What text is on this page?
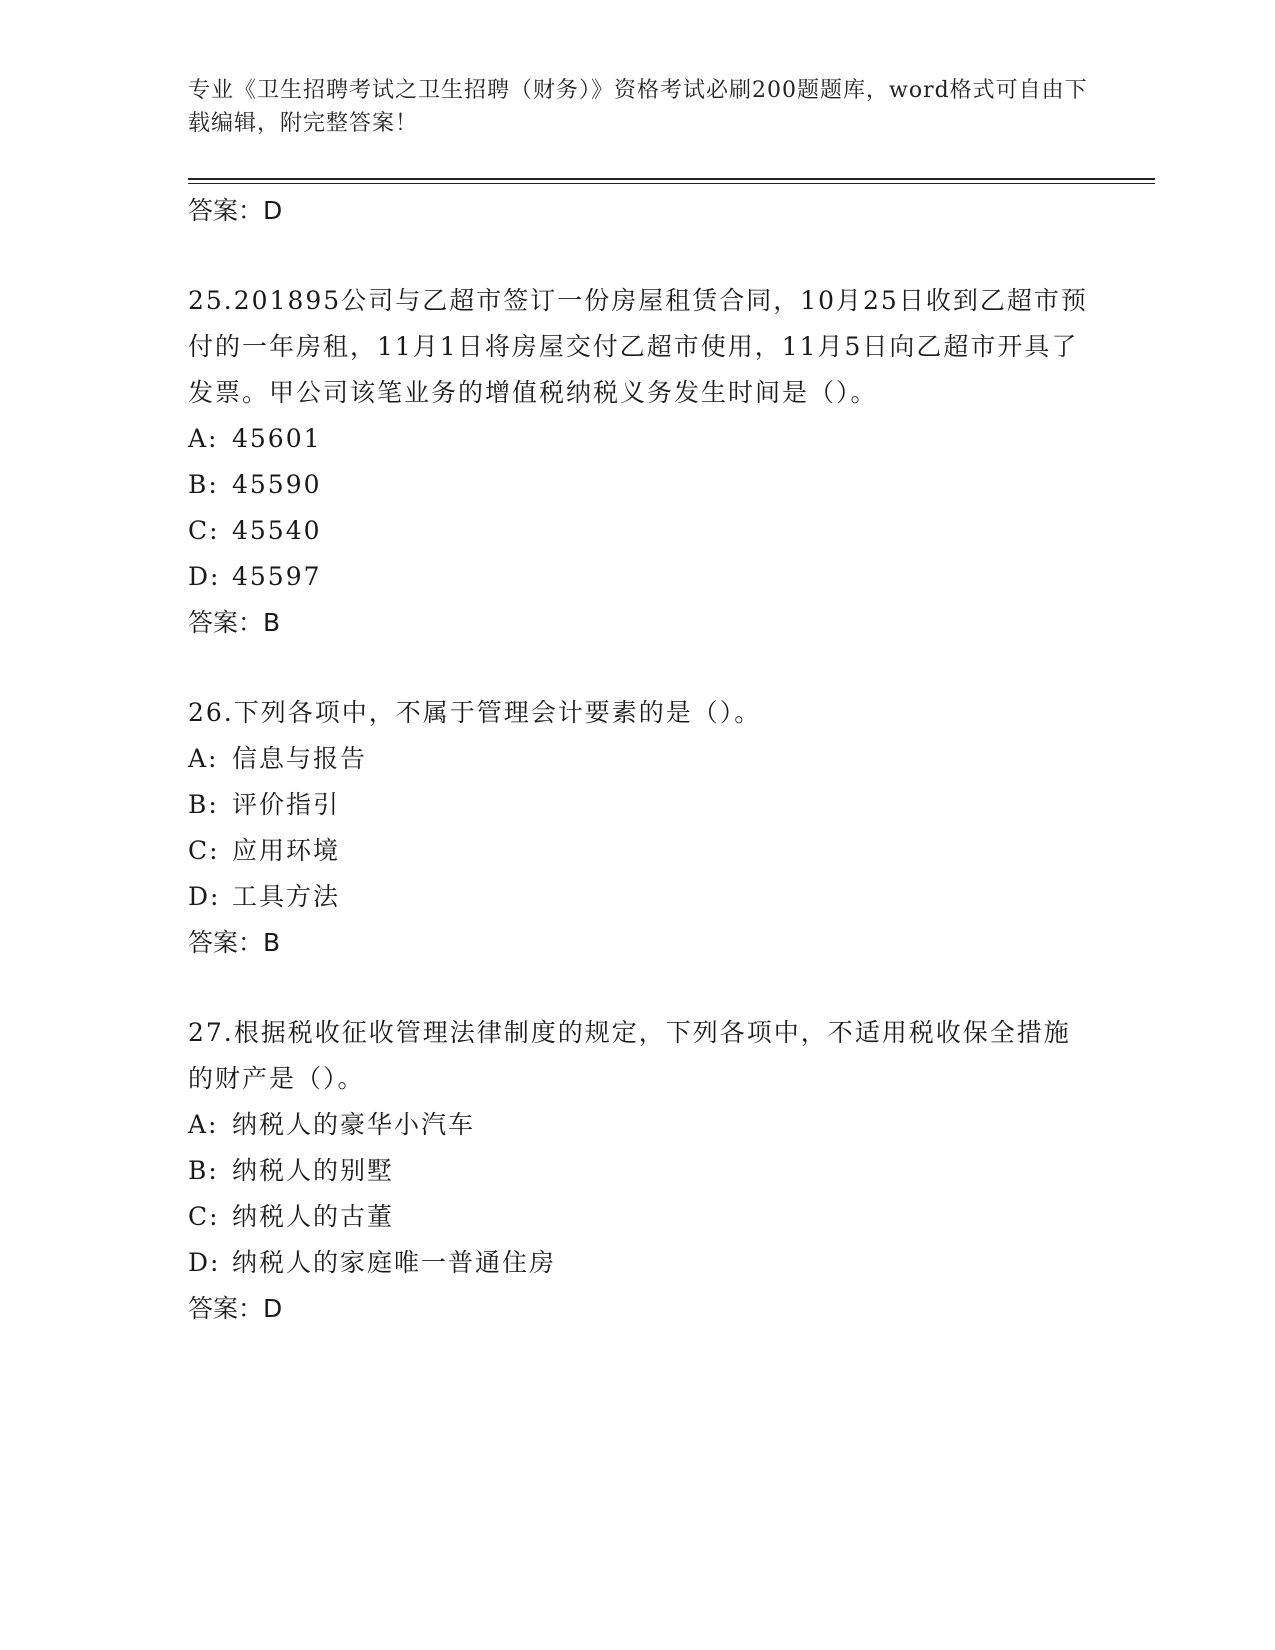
专业《卫生招聘考试之卫生招聘（财务）》资格考试必刷200题题库，word格式可自由下载编辑，附完整答案！
答案：D
25.201895公司与乙超市签订一份房屋租赁合同，10月25日收到乙超市预付的一年房租，11月1日将房屋交付乙超市使用，11月5日向乙超市开具了发票。甲公司该笔业务的增值税纳税义务发生时间是（）。
A: 45601
B: 45590
C: 45540
D: 45597
答案：B
26.下列各项中，不属于管理会计要素的是（）。
A: 信息与报告
B: 评价指引
C: 应用环境
D: 工具方法
答案：B
27.根据税收征收管理法律制度的规定，下列各项中，不适用税收保全措施的财产是（）。
A: 纳税人的豪华小汽车
B: 纳税人的别墅
C: 纳税人的古董
D: 纳税人的家庭唯一普通住房
答案：D
